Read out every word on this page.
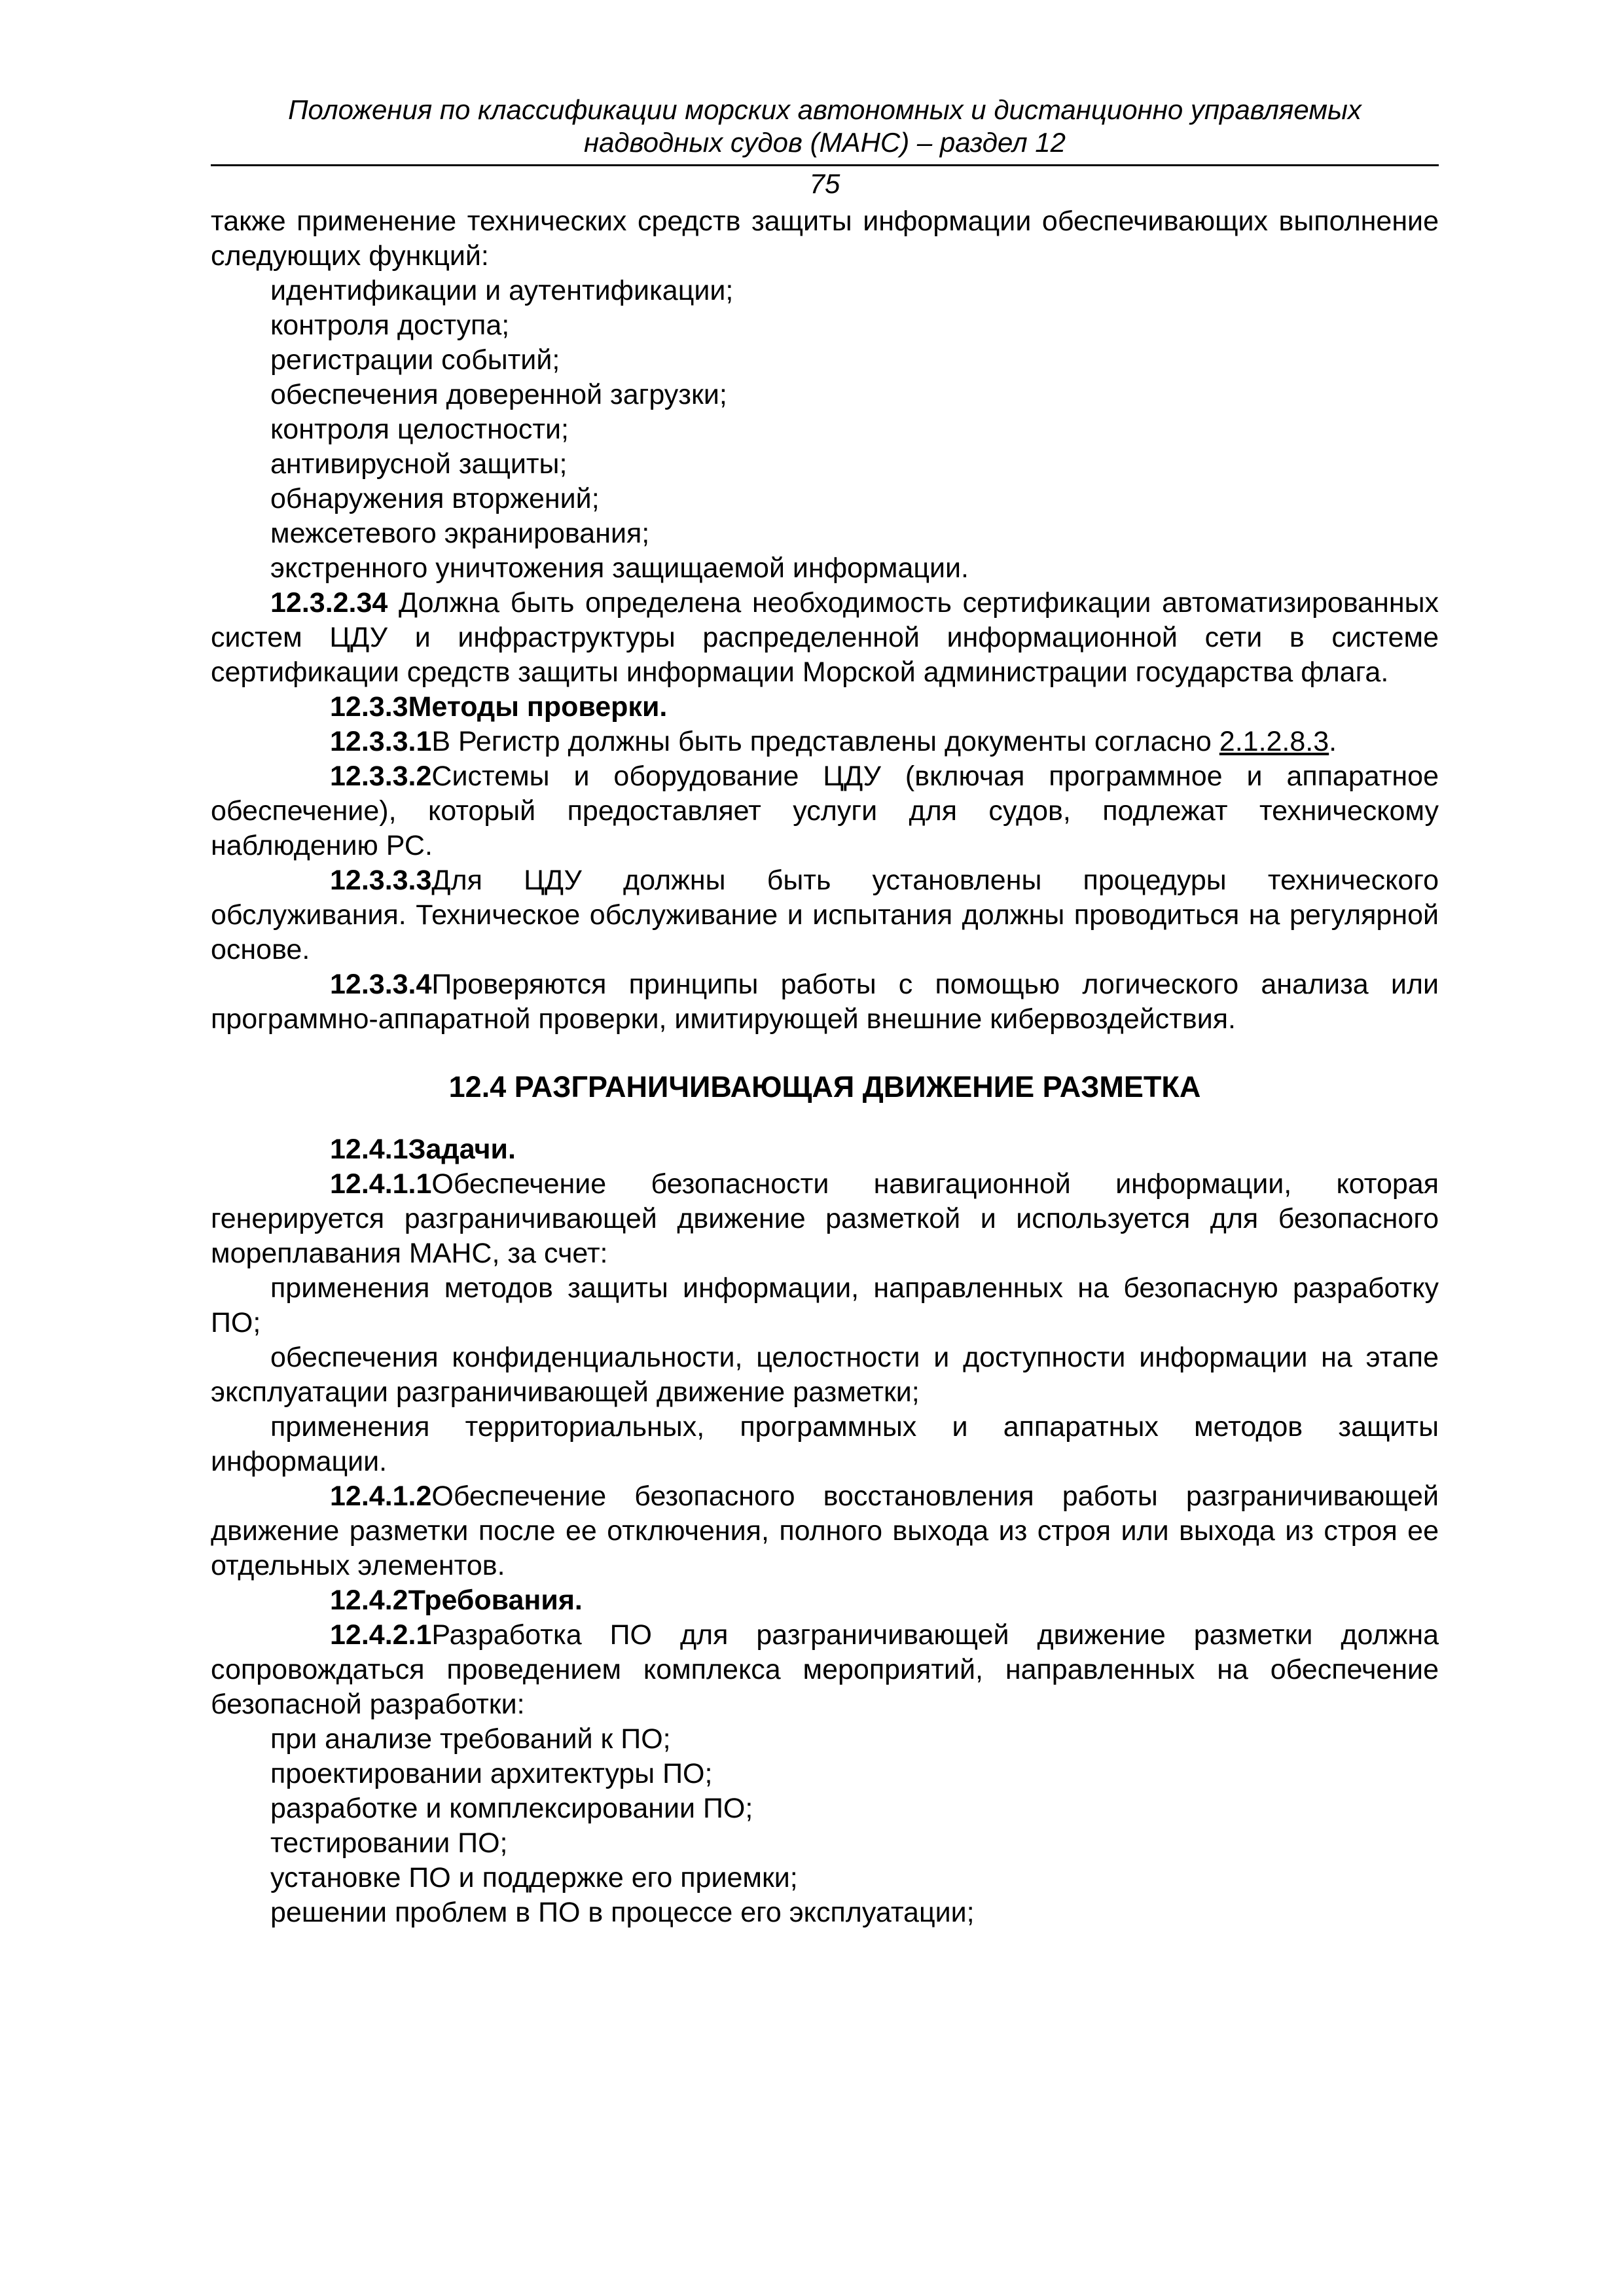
Положения по классификации морских автономных и дистанционно управляемых
надводных судов (МАНС) – раздел 12
75

также применение технических средств защиты информации обеспечивающих выполнение следующих функций:

идентификации и аутентификации;

контроля доступа;

регистрации событий;

обеспечения доверенной загрузки;

контроля целостности;

антивирусной защиты;

обнаружения вторжений;

межсетевого экранирования;

экстренного уничтожения защищаемой информации.

12.3.2.34 Должна быть определена необходимость сертификации автоматизированных систем ЦДУ и инфраструктуры распределенной информационной сети в системе сертификации средств защиты информации Морской администрации государства флага.

12.3.3Методы проверки.

12.3.3.1В Регистр должны быть представлены документы согласно 2.1.2.8.3.

12.3.3.2Системы и оборудование ЦДУ (включая программное и аппаратное обеспечение), который предоставляет услуги для судов, подлежат техническому наблюдению РС.

12.3.3.3Для ЦДУ должны быть установлены процедуры технического обслуживания. Техническое обслуживание и испытания должны проводиться на регулярной основе.

12.3.3.4Проверяются принципы работы с помощью логического анализа или программно-аппаратной проверки, имитирующей внешние кибервоздействия.

12.4 РАЗГРАНИЧИВАЮЩАЯ ДВИЖЕНИЕ РАЗМЕТКА

12.4.1Задачи.

12.4.1.1Обеспечение безопасности навигационной информации, которая генерируется разграничивающей движение разметкой и используется для безопасного мореплавания МАНС, за счет:

применения методов защиты информации, направленных на безопасную разработку ПО;

обеспечения конфиденциальности, целостности и доступности информации на этапе эксплуатации разграничивающей движение разметки;

применения территориальных, программных и аппаратных методов защиты информации.

12.4.1.2Обеспечение безопасного восстановления работы разграничивающей движение разметки после ее отключения, полного выхода из строя или выхода из строя ее отдельных элементов.

12.4.2Требования.

12.4.2.1Разработка ПО для разграничивающей движение разметки должна сопровождаться проведением комплекса мероприятий, направленных на обеспечение безопасной разработки:

при анализе требований к ПО;

проектировании архитектуры ПО;

разработке и комплексировании ПО;

тестировании ПО;

установке ПО и поддержке его приемки;

решении проблем в ПО в процессе его эксплуатации;
